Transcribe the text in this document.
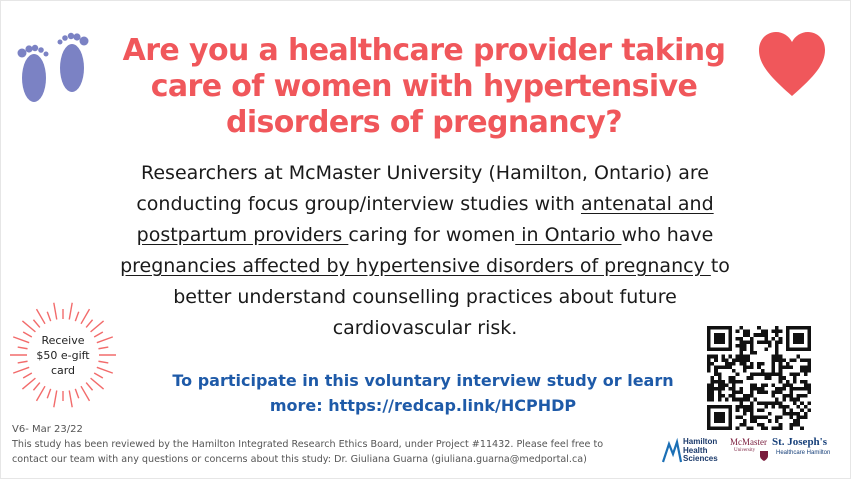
Are you a healthcare provider taking
care of women with hypertensive
disorders of pregnancy?
Researchers at McMaster University (Hamilton, Ontario) are
conducting focus group/interview studies with antenatal and
postpartum providers caring for women in Ontario who have
pregnancies affected by hypertensive disorders of pregnancy to
better understand counselling practices about future
cardiovascular risk.
Receive
$50 e-gift
card
To participate in this voluntary interview study or learn
more: https://redcap.link/HCPHDP
V6- Mar 23/22
This study has been reviewed by the Hamilton Integrated Research Ethics Board, under Project #11432. Please feel free to
contact our team with any questions or concerns about this study: Dr. Giuliana Guarna (giuliana.guarna@medportal.ca)
Hamilton
Health
Sciences
McMaster
University
St. Joseph's
Healthcare Hamilton
